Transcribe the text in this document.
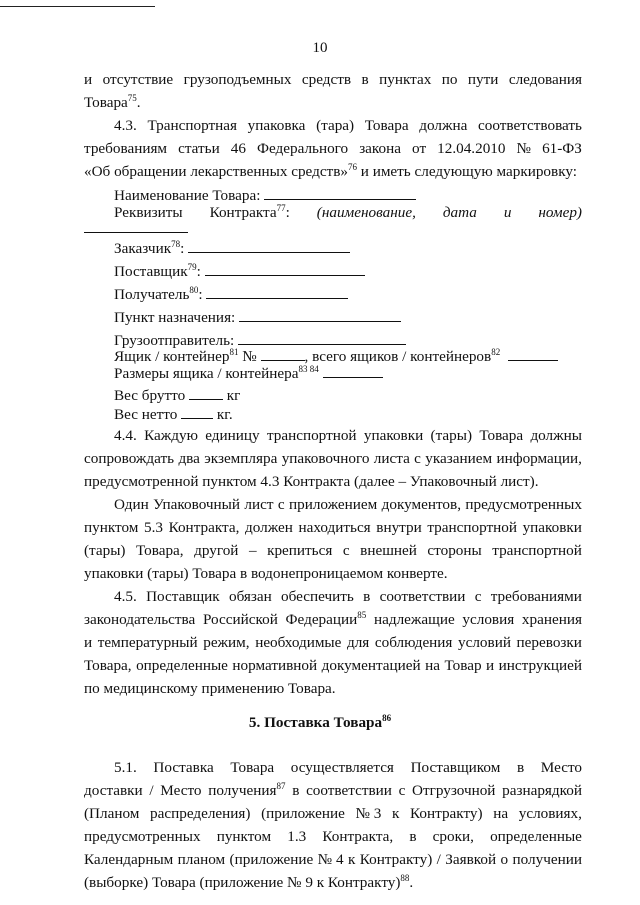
10
и отсутствие грузоподъемных средств в пунктах по пути следования
Товара$^{75}$.
4.3. Транспортная упаковка (тара) Товара должна соответствовать
требованиям статьи 46 Федерального закона от 12.04.2010 № 61-ФЗ
«Об обращении лекарственных средств»$^{76}$ и иметь следующую маркировку:
Наименование Товара:
Реквизиты Контракта$^{77}$: (наименование, дата и номер)
Заказчик$^{78}$:
Поставщик$^{79}$:
Получатель$^{80}$:
Пункт назначения:
Грузоотправитель:
Ящик / контейнер$^{81}$ №	, всего ящиков / контейнеров$^{82}$
Размеры ящика / контейнера$^{83 84}$
Вес брутто	кг
Вес нетто	кг.
4.4. Каждую единицу транспортной упаковки (тары) Товара должны
сопровождать два экземпляра упаковочного листа с указанием информации,
предусмотренной пунктом 4.3 Контракта (далее – Упаковочный лист).
Один Упаковочный лист с приложением документов, предусмотренных
пунктом 5.3 Контракта, должен находиться внутри транспортной упаковки
(тары) Товара, другой – крепиться с внешней стороны транспортной
упаковки (тары) Товара в водонепроницаемом конверте.
4.5. Поставщик обязан обеспечить в соответствии с требованиями
законодательства Российской Федерации$^{85}$ надлежащие условия хранения
и температурный режим, необходимые для соблюдения условий перевозки
Товара, определенные нормативной документацией на Товар и инструкцией
по медицинскому применению Товара.
5. Поставка Товара$^{86}$
5.1. Поставка Товара осуществляется Поставщиком в Место
доставки / Место получения$^{87}$ в соответствии с Отгрузочной разнарядкой
(Планом распределения) (приложение № 3 к Контракту) на условиях,
предусмотренных пунктом 1.3 Контракта, в сроки, определенные
Календарным планом (приложение № 4 к Контракту) / Заявкой о получении
(выборке) Товара (приложение № 9 к Контракту)$^{88}$.
